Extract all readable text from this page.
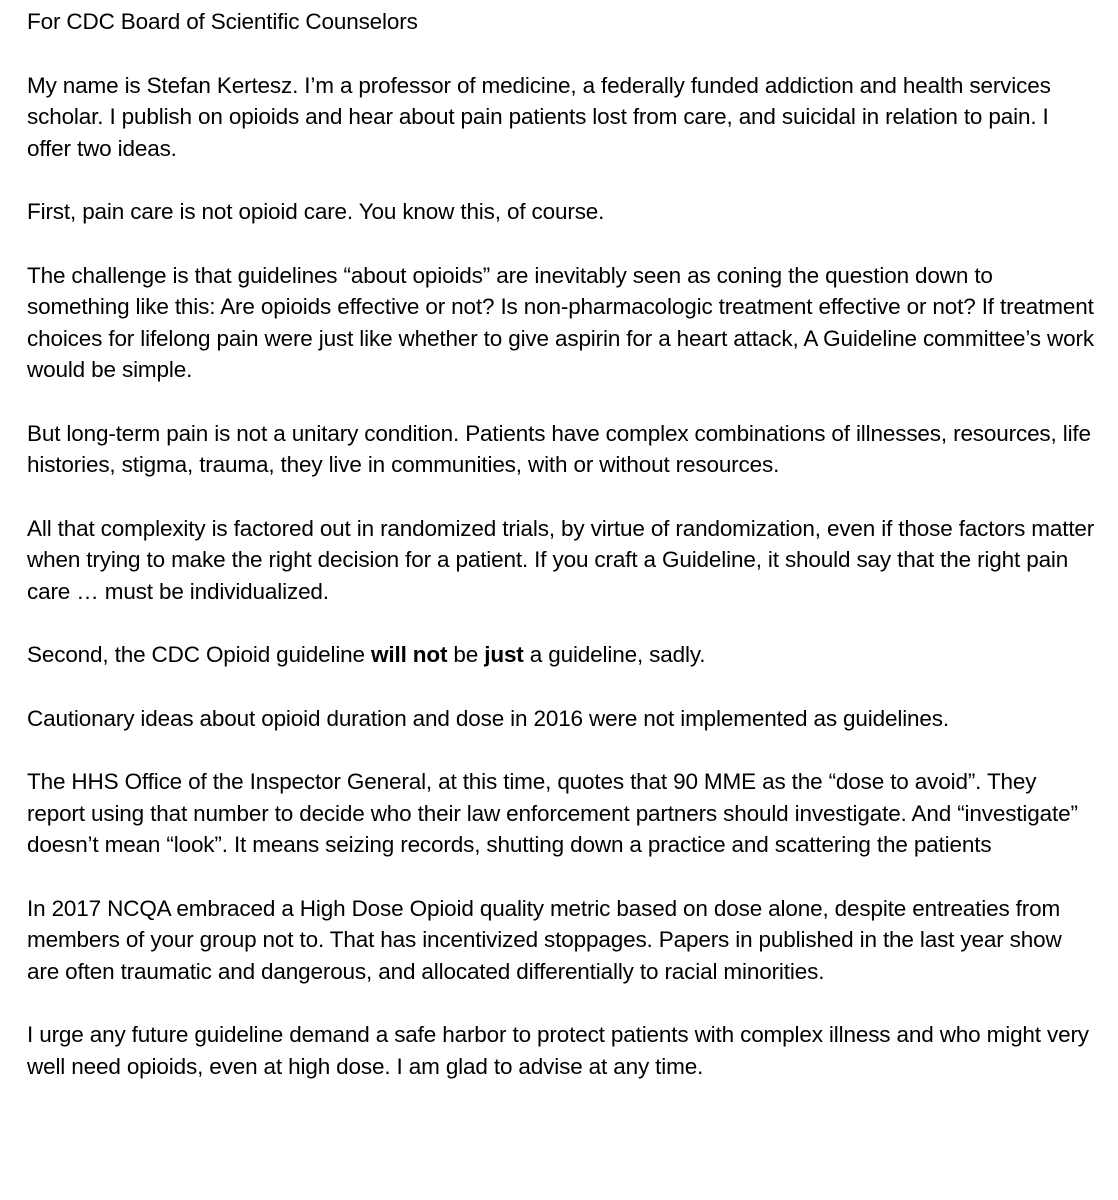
For CDC Board of Scientific Counselors

My name is Stefan Kertesz. I’m a professor of medicine, a federally funded addiction and health services scholar. I publish on opioids and hear about pain patients lost from care, and suicidal in relation to pain. I offer two ideas.

First, pain care is not opioid care. You know this, of course.

The challenge is that guidelines “about opioids” are inevitably seen as coning the question down to something like this: Are opioids effective or not? Is non-pharmacologic treatment effective or not? If treatment choices for lifelong pain were just like whether to give aspirin for a heart attack, A Guideline committee’s work would be simple.

But long-term pain is not a unitary condition. Patients have complex combinations of illnesses, resources, life histories, stigma, trauma, they live in communities, with or without resources.

All that complexity is factored out in randomized trials, by virtue of randomization, even if those factors matter when trying to make the right decision for a patient. If you craft a Guideline, it should say that the right pain care … must be individualized.

Second, the CDC Opioid guideline will not be just a guideline, sadly.

Cautionary ideas about opioid duration and dose in 2016 were not implemented as guidelines.

The HHS Office of the Inspector General, at this time, quotes that 90 MME as the “dose to avoid”. They report using that number to decide who their law enforcement partners should investigate. And “investigate” doesn’t mean “look”. It means seizing records, shutting down a practice and scattering the patients

In 2017 NCQA embraced a High Dose Opioid quality metric based on dose alone, despite entreaties from members of your group not to. That has incentivized stoppages. Papers in published in the last year show are often traumatic and dangerous, and allocated differentially to racial minorities.

I urge any future guideline demand a safe harbor to protect patients with complex illness and who might very well need opioids, even at high dose. I am glad to advise at any time.
